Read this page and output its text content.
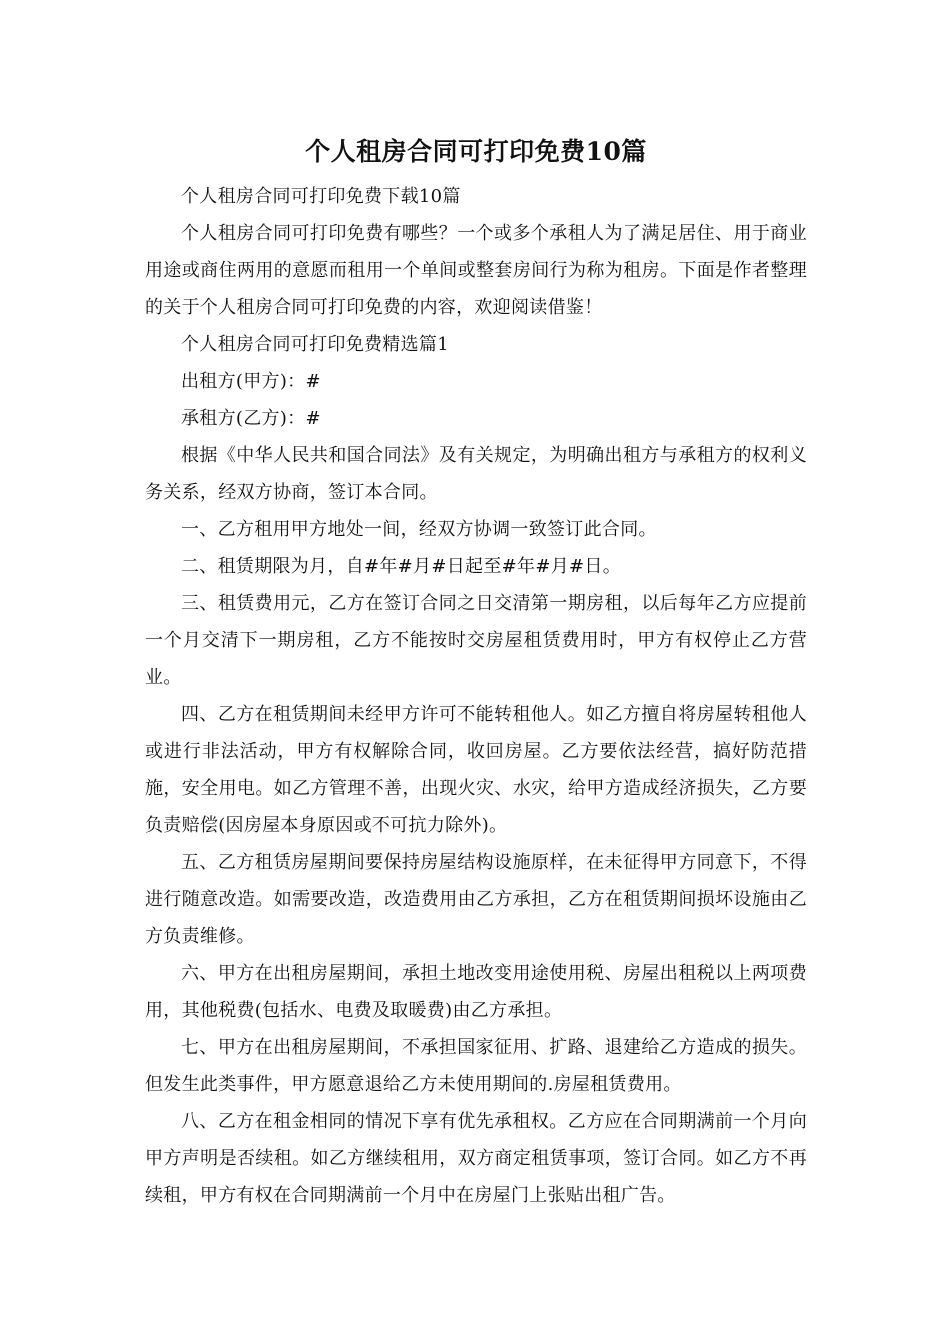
个人租房合同可打印免费10篇

个人租房合同可打印免费下载10篇

个人租房合同可打印免费有哪些？一个或多个承租人为了满足居住、用于商业用途或商住两用的意愿而租用一个单间或整套房间行为称为租房。下面是作者整理的关于个人租房合同可打印免费的内容，欢迎阅读借鉴！

个人租房合同可打印免费精选篇1

出租方(甲方)：#

承租方(乙方)：#

根据《中华人民共和国合同法》及有关规定，为明确出租方与承租方的权利义务关系，经双方协商，签订本合同。

一、乙方租用甲方地处一间，经双方协调一致签订此合同。

二、租赁期限为月，自#年#月#日起至#年#月#日。

三、租赁费用元，乙方在签订合同之日交清第一期房租，以后每年乙方应提前一个月交清下一期房租，乙方不能按时交房屋租赁费用时，甲方有权停止乙方营业。

四、乙方在租赁期间未经甲方许可不能转租他人。如乙方擅自将房屋转租他人或进行非法活动，甲方有权解除合同，收回房屋。乙方要依法经营，搞好防范措施，安全用电。如乙方管理不善，出现火灾、水灾，给甲方造成经济损失，乙方要负责赔偿(因房屋本身原因或不可抗力除外)。

五、乙方租赁房屋期间要保持房屋结构设施原样，在未征得甲方同意下，不得进行随意改造。如需要改造，改造费用由乙方承担，乙方在租赁期间损坏设施由乙方负责维修。

六、甲方在出租房屋期间，承担土地改变用途使用税、房屋出租税以上两项费用，其他税费(包括水、电费及取暖费)由乙方承担。

七、甲方在出租房屋期间，不承担国家征用、扩路、退建给乙方造成的损失。但发生此类事件，甲方愿意退给乙方未使用期间的.房屋租赁费用。

八、乙方在租金相同的情况下享有优先承租权。乙方应在合同期满前一个月向甲方声明是否续租。如乙方继续租用，双方商定租赁事项，签订合同。如乙方不再续租，甲方有权在合同期满前一个月中在房屋门上张贴出租广告。
